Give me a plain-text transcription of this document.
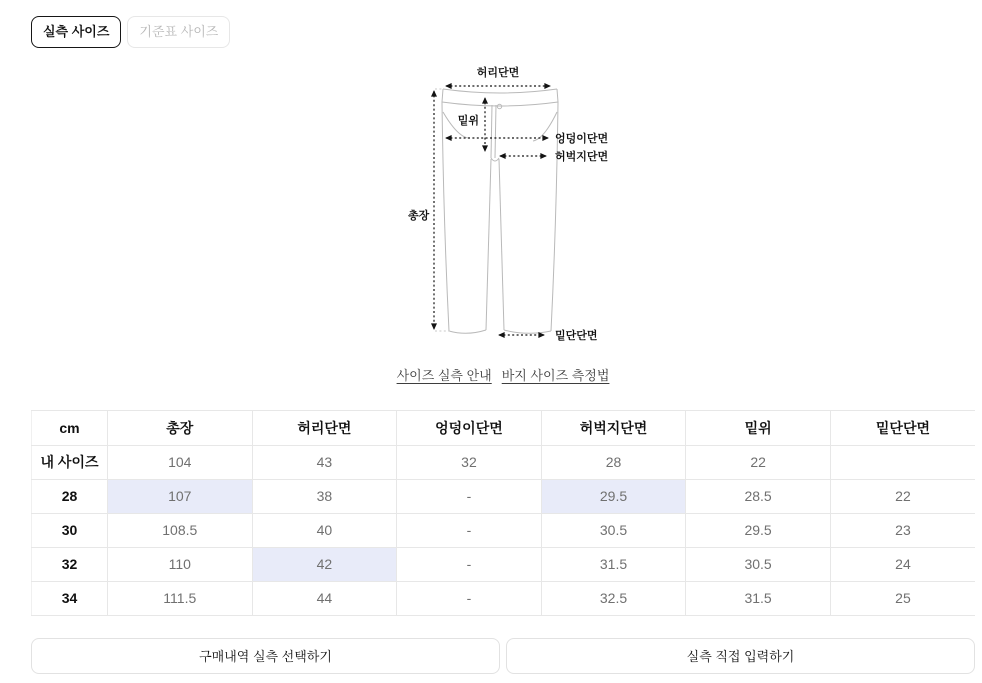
실측 사이즈	기준표 사이즈
허리단면
밑위
엉덩이단면
허벅지단면
총장
밑단단면
사이즈 실측 안내 바지 사이즈 측정법
cm	총장	허리단면	엉덩이단면	허벅지단면	밑위	밑단단면
내 사이즈	104	43	32	28	22	
28	107	38	-	29.5	28.5	22
30	108.5	40	-	30.5	29.5	23
32	110	42	-	31.5	30.5	24
34	111.5	44	-	32.5	31.5	25
구매내역 실측 선택하기	실측 직접 입력하기
